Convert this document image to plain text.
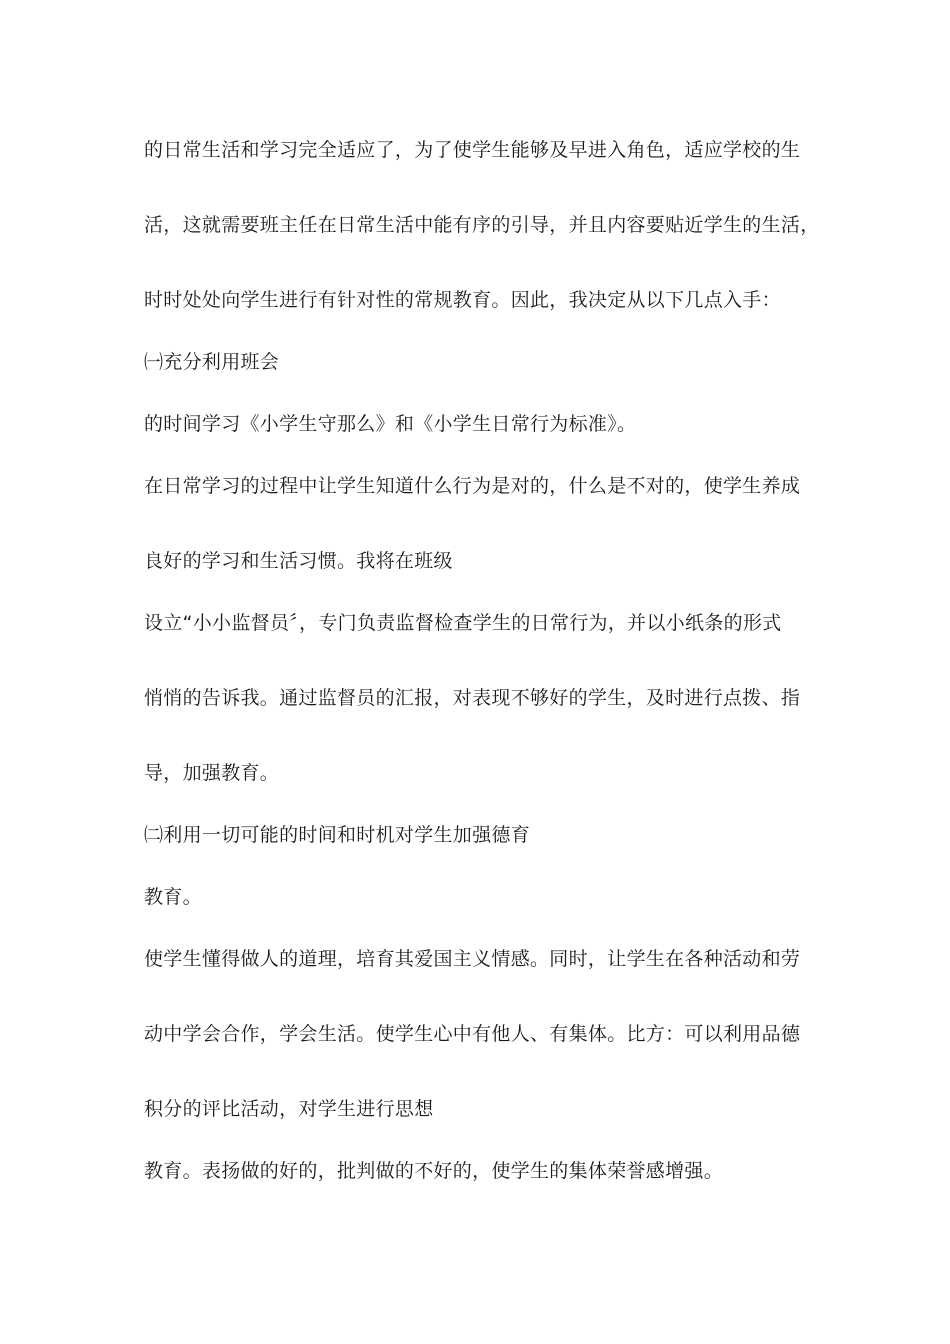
的日常生活和学习完全适应了，为了使学生能够及早进入角色，适应学校的生

活，这就需要班主任在日常生活中能有序的引导，并且内容要贴近学生的生活，

时时处处向学生进行有针对性的常规教育。因此，我决定从以下几点入手：

㈠充分利用班会

的时间学习《小学生守那么》和《小学生日常行为标准》。

在日常学习的过程中让学生知道什么行为是对的，什么是不对的，使学生养成

良好的学习和生活习惯。我将在班级

设立“小小监督员〞，专门负责监督检查学生的日常行为，并以小纸条的形式

悄悄的告诉我。通过监督员的汇报，对表现不够好的学生，及时进行点拨、指

导，加强教育。

㈡利用一切可能的时间和时机对学生加强德育

教育。

使学生懂得做人的道理，培育其爱国主义情感。同时，让学生在各种活动和劳

动中学会合作，学会生活。使学生心中有他人、有集体。比方：可以利用品德

积分的评比活动，对学生进行思想

教育。表扬做的好的，批判做的不好的，使学生的集体荣誉感增强。
